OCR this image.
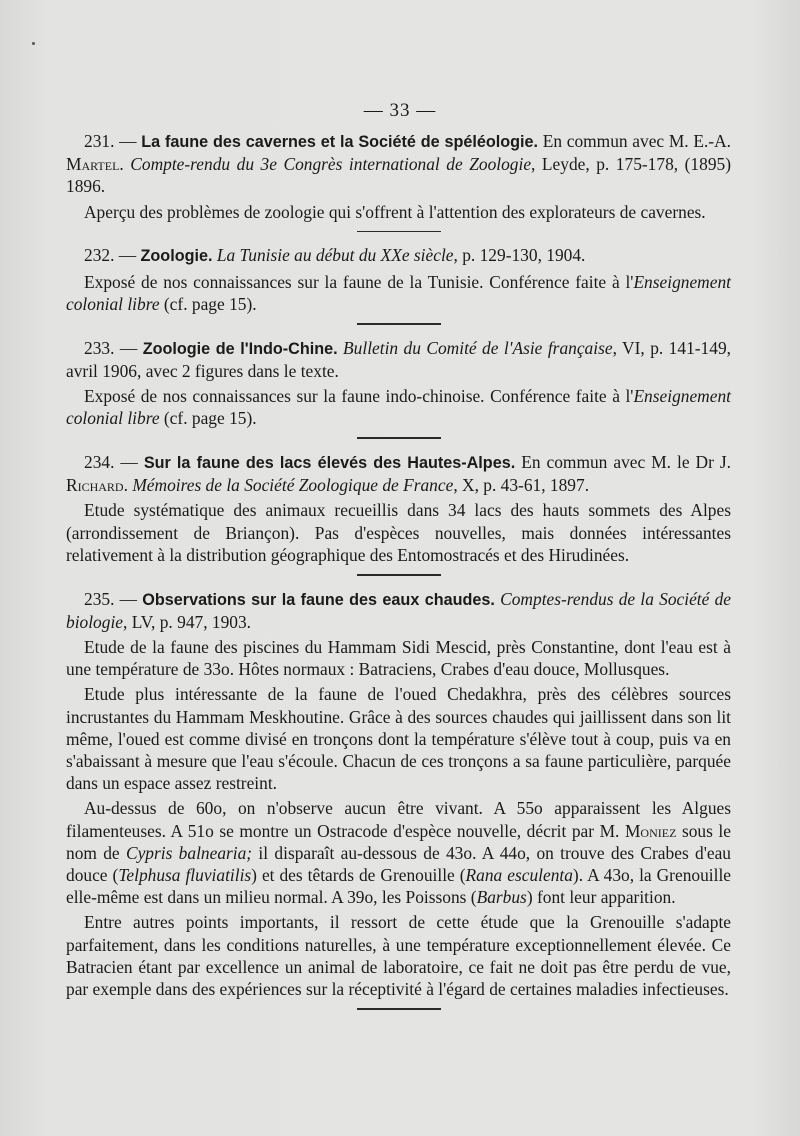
— 33 —

231. — La faune des cavernes et la Société de spéléologie. En commun avec M. E.-A. Martel. Compte-rendu du 3e Congrès international de Zoologie, Leyde, p. 175-178, (1895) 1896.

Aperçu des problèmes de zoologie qui s'offrent à l'attention des explorateurs de cavernes.

232. — Zoologie. La Tunisie au début du XXe siècle, p. 129-130, 1904.

Exposé de nos connaissances sur la faune de la Tunisie. Conférence faite à l'Enseignement colonial libre (cf. page 15).

233. — Zoologie de l'Indo-Chine. Bulletin du Comité de l'Asie française, VI, p. 141-149, avril 1906, avec 2 figures dans le texte.

Exposé de nos connaissances sur la faune indo-chinoise. Conférence faite à l'Enseignement colonial libre (cf. page 15).

234. — Sur la faune des lacs élevés des Hautes-Alpes. En commun avec M. le Dr J. Richard. Mémoires de la Société Zoologique de France, X, p. 43-61, 1897.

Etude systématique des animaux recueillis dans 34 lacs des hauts sommets des Alpes (arrondissement de Briançon). Pas d'espèces nouvelles, mais données intéressantes relativement à la distribution géographique des Entomostracés et des Hirudinées.

235. — Observations sur la faune des eaux chaudes. Comptes-rendus de la Société de biologie, LV, p. 947, 1903.

Etude de la faune des piscines du Hammam Sidi Mescid, près Constantine, dont l'eau est à une température de 33o. Hôtes normaux : Batraciens, Crabes d'eau douce, Mollusques.

Etude plus intéressante de la faune de l'oued Chedakhra, près des célèbres sources incrustantes du Hammam Meskhoutine. Grâce à des sources chaudes qui jaillissent dans son lit même, l'oued est comme divisé en tronçons dont la température s'élève tout à coup, puis va en s'abaissant à mesure que l'eau s'écoule. Chacun de ces tronçons a sa faune particulière, parquée dans un espace assez restreint.

Au-dessus de 60o, on n'observe aucun être vivant. A 55o apparaissent les Algues filamenteuses. A 51o se montre un Ostracode d'espèce nouvelle, décrit par M. Moniez sous le nom de Cypris balnearia; il disparaît au-dessous de 43o. A 44o, on trouve des Crabes d'eau douce (Telphusa fluviatilis) et des têtards de Grenouille (Rana esculenta). A 43o, la Grenouille elle-même est dans un milieu normal. A 39o, les Poissons (Barbus) font leur apparition.

Entre autres points importants, il ressort de cette étude que la Grenouille s'adapte parfaitement, dans les conditions naturelles, à une température exceptionnellement élevée. Ce Batracien étant par excellence un animal de laboratoire, ce fait ne doit pas être perdu de vue, par exemple dans des expériences sur la réceptivité à l'égard de certaines maladies infectieuses.
